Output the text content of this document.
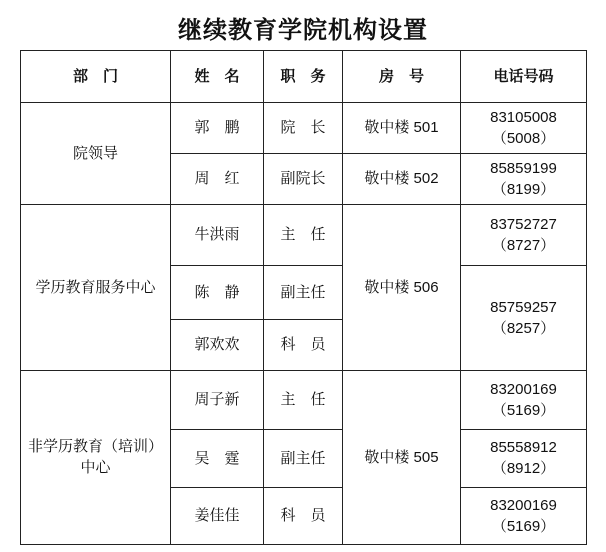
继续教育学院机构设置
部　门	姓　名	职　务	房　号	电话号码
院领导	郭　鹏	院　长	敬中楼 501	83105008
（5008）

	周　红	副院长	敬中楼 502	85859199
（8199）

学历教育服务中心	牛洪雨	主　任	敬中楼 506	83752727
（8727）

	陈　静	副主任		85759257
（8257）

	郭欢欢	科　员		

非学历教育（培训）
中心	周子新	主　任	敬中楼 505	83200169
（5169）

	吴　霆	副主任		85558912
（8912）

	姜佳佳	科　员		83200169
（5169）
